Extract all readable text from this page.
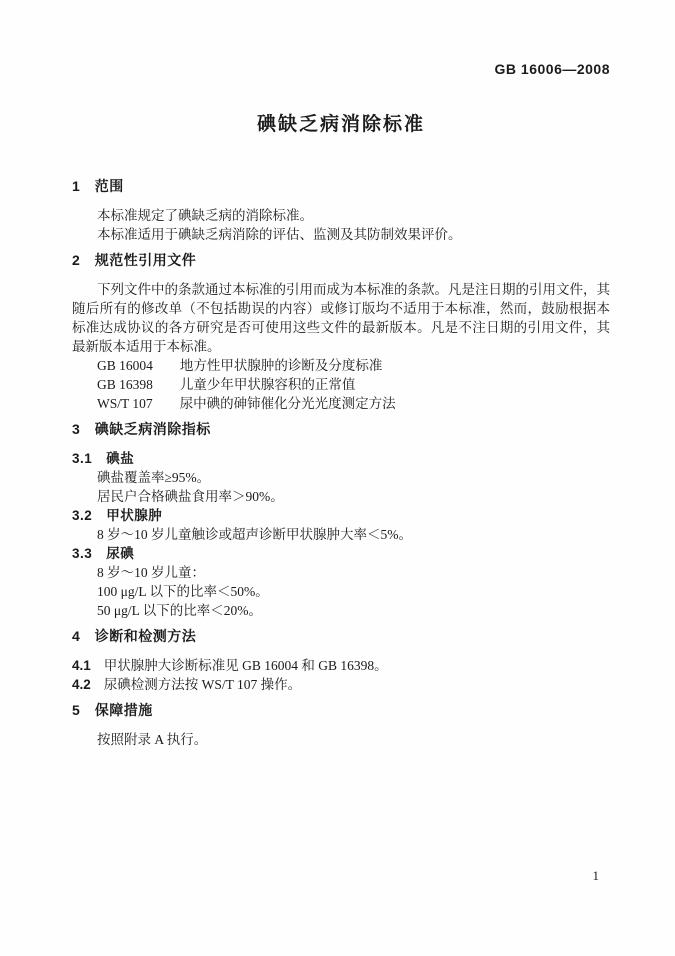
GB 16006—2008
碘缺乏病消除标准
1　范围

本标准规定了碘缺乏病的消除标准。

本标准适用于碘缺乏病消除的评估、监测及其防制效果评价。

2　规范性引用文件

下列文件中的条款通过本标准的引用而成为本标准的条款。凡是注日期的引用文件，其随后所有的修改单（不包括勘误的内容）或修订版均不适用于本标准，然而，鼓励根据本标准达成协议的各方研究是否可使用这些文件的最新版本。凡是不注日期的引用文件，其最新版本适用于本标准。

GB 16004　　地方性甲状腺肿的诊断及分度标准

GB 16398　　儿童少年甲状腺容积的正常值

WS/T 107　　尿中碘的砷铈催化分光光度测定方法

3　碘缺乏病消除指标
3.1　碘盐

碘盐覆盖率≥95%。

居民户合格碘盐食用率＞90%。

3.2　甲状腺肿

8 岁～10 岁儿童触诊或超声诊断甲状腺肿大率＜5%。

3.3　尿碘

8 岁～10 岁儿童：

100 μg/L 以下的比率＜50%。

50 μg/L 以下的比率＜20%。

4　诊断和检测方法

4.1 甲状腺肿大诊断标准见 GB 16004 和 GB 16398。

4.2 尿碘检测方法按 WS/T 107 操作。

5　保障措施

按照附录 A 执行。

1
